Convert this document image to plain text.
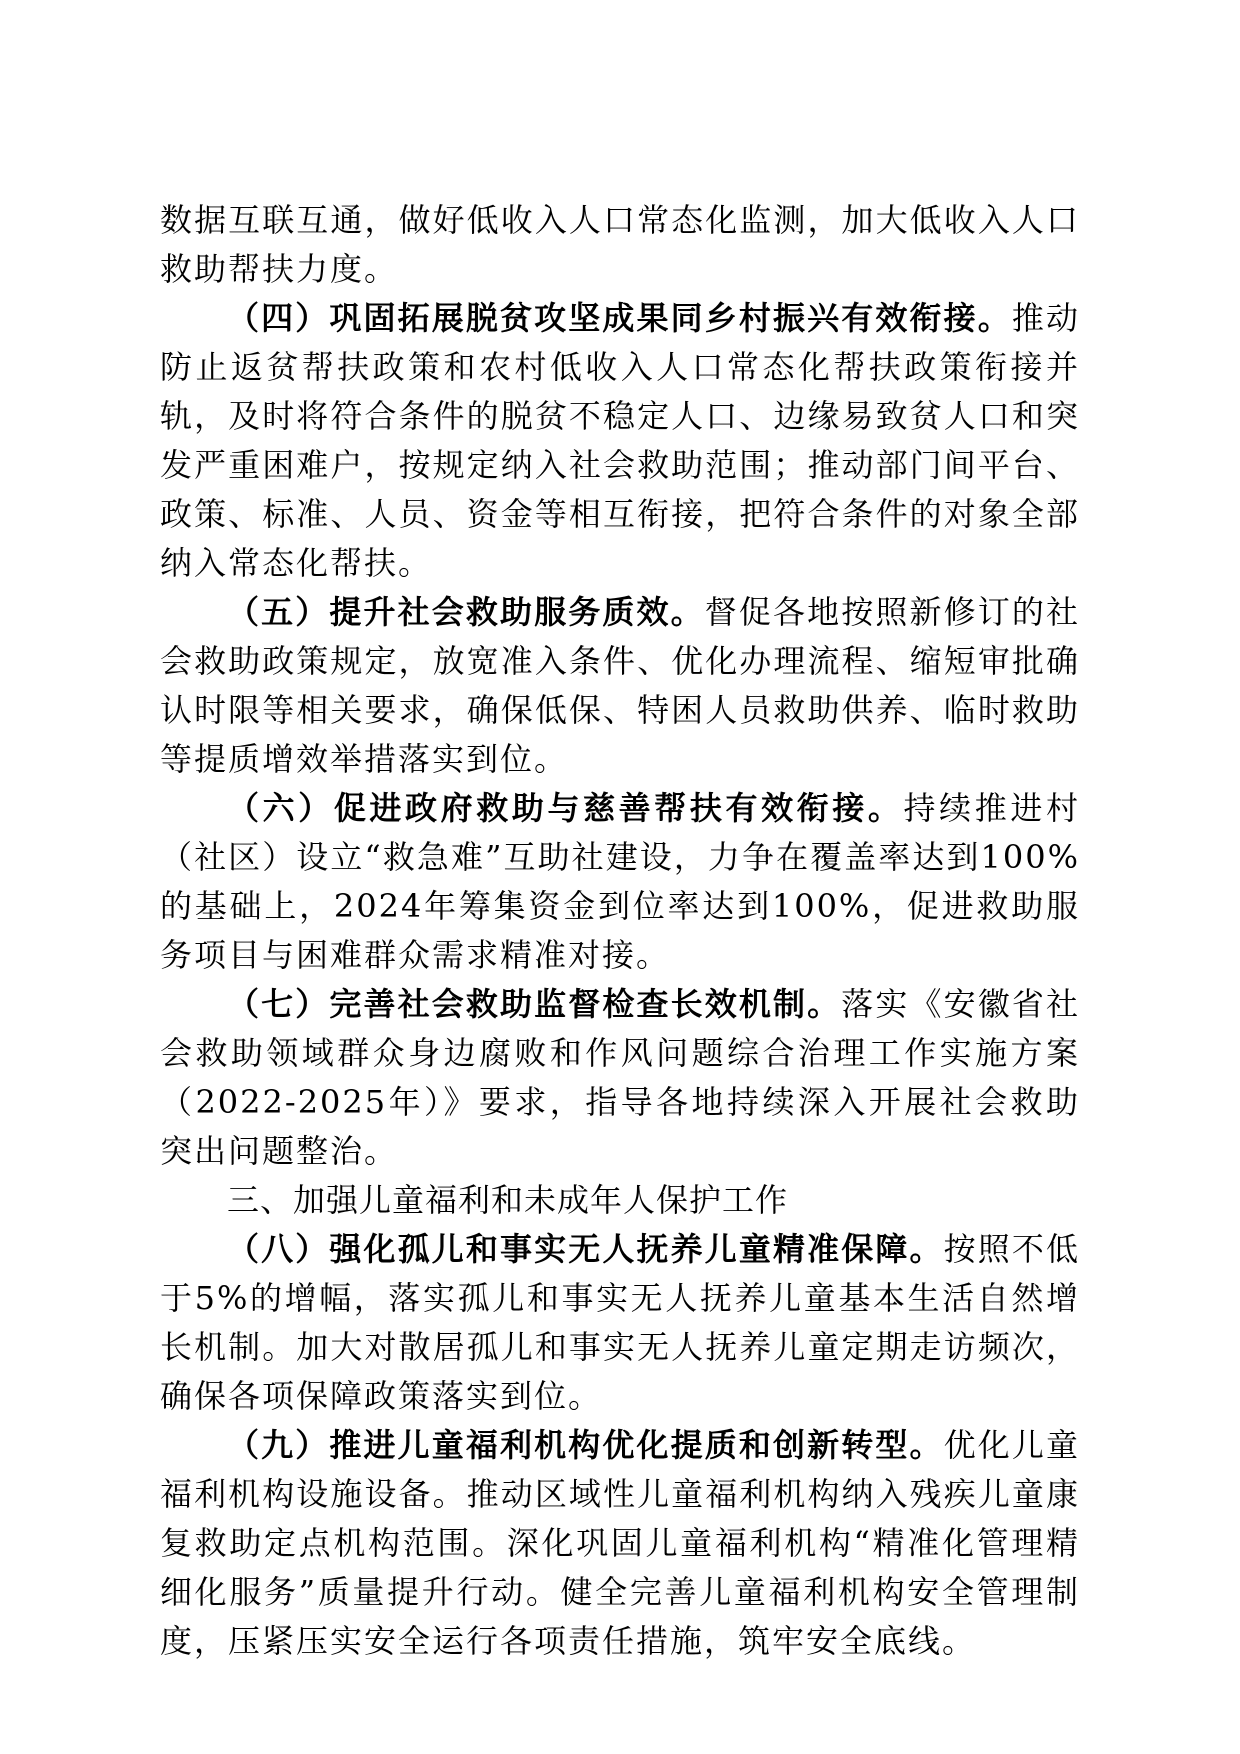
数据互联互通，做好低收入人口常态化监测，加大低收入人口救助帮扶力度。

（四）巩固拓展脱贫攻坚成果同乡村振兴有效衔接。推动防止返贫帮扶政策和农村低收入人口常态化帮扶政策衔接并轨，及时将符合条件的脱贫不稳定人口、边缘易致贫人口和突发严重困难户，按规定纳入社会救助范围；推动部门间平台、政策、标准、人员、资金等相互衔接，把符合条件的对象全部纳入常态化帮扶。

（五）提升社会救助服务质效。督促各地按照新修订的社会救助政策规定，放宽准入条件、优化办理流程、缩短审批确认时限等相关要求，确保低保、特困人员救助供养、临时救助等提质增效举措落实到位。

（六）促进政府救助与慈善帮扶有效衔接。持续推进村（社区）设立“救急难”互助社建设，力争在覆盖率达到100%的基础上，2024年筹集资金到位率达到100%，促进救助服务项目与困难群众需求精准对接。

（七）完善社会救助监督检查长效机制。落实《安徽省社会救助领域群众身边腐败和作风问题综合治理工作实施方案（2022-2025年）》要求，指导各地持续深入开展社会救助突出问题整治。

三、加强儿童福利和未成年人保护工作

（八）强化孤儿和事实无人抚养儿童精准保障。按照不低于5%的增幅，落实孤儿和事实无人抚养儿童基本生活自然增长机制。加大对散居孤儿和事实无人抚养儿童定期走访频次，确保各项保障政策落实到位。

（九）推进儿童福利机构优化提质和创新转型。优化儿童福利机构设施设备。推动区域性儿童福利机构纳入残疾儿童康复救助定点机构范围。深化巩固儿童福利机构“精准化管理精细化服务”质量提升行动。健全完善儿童福利机构安全管理制度，压紧压实安全运行各项责任措施，筑牢安全底线。
